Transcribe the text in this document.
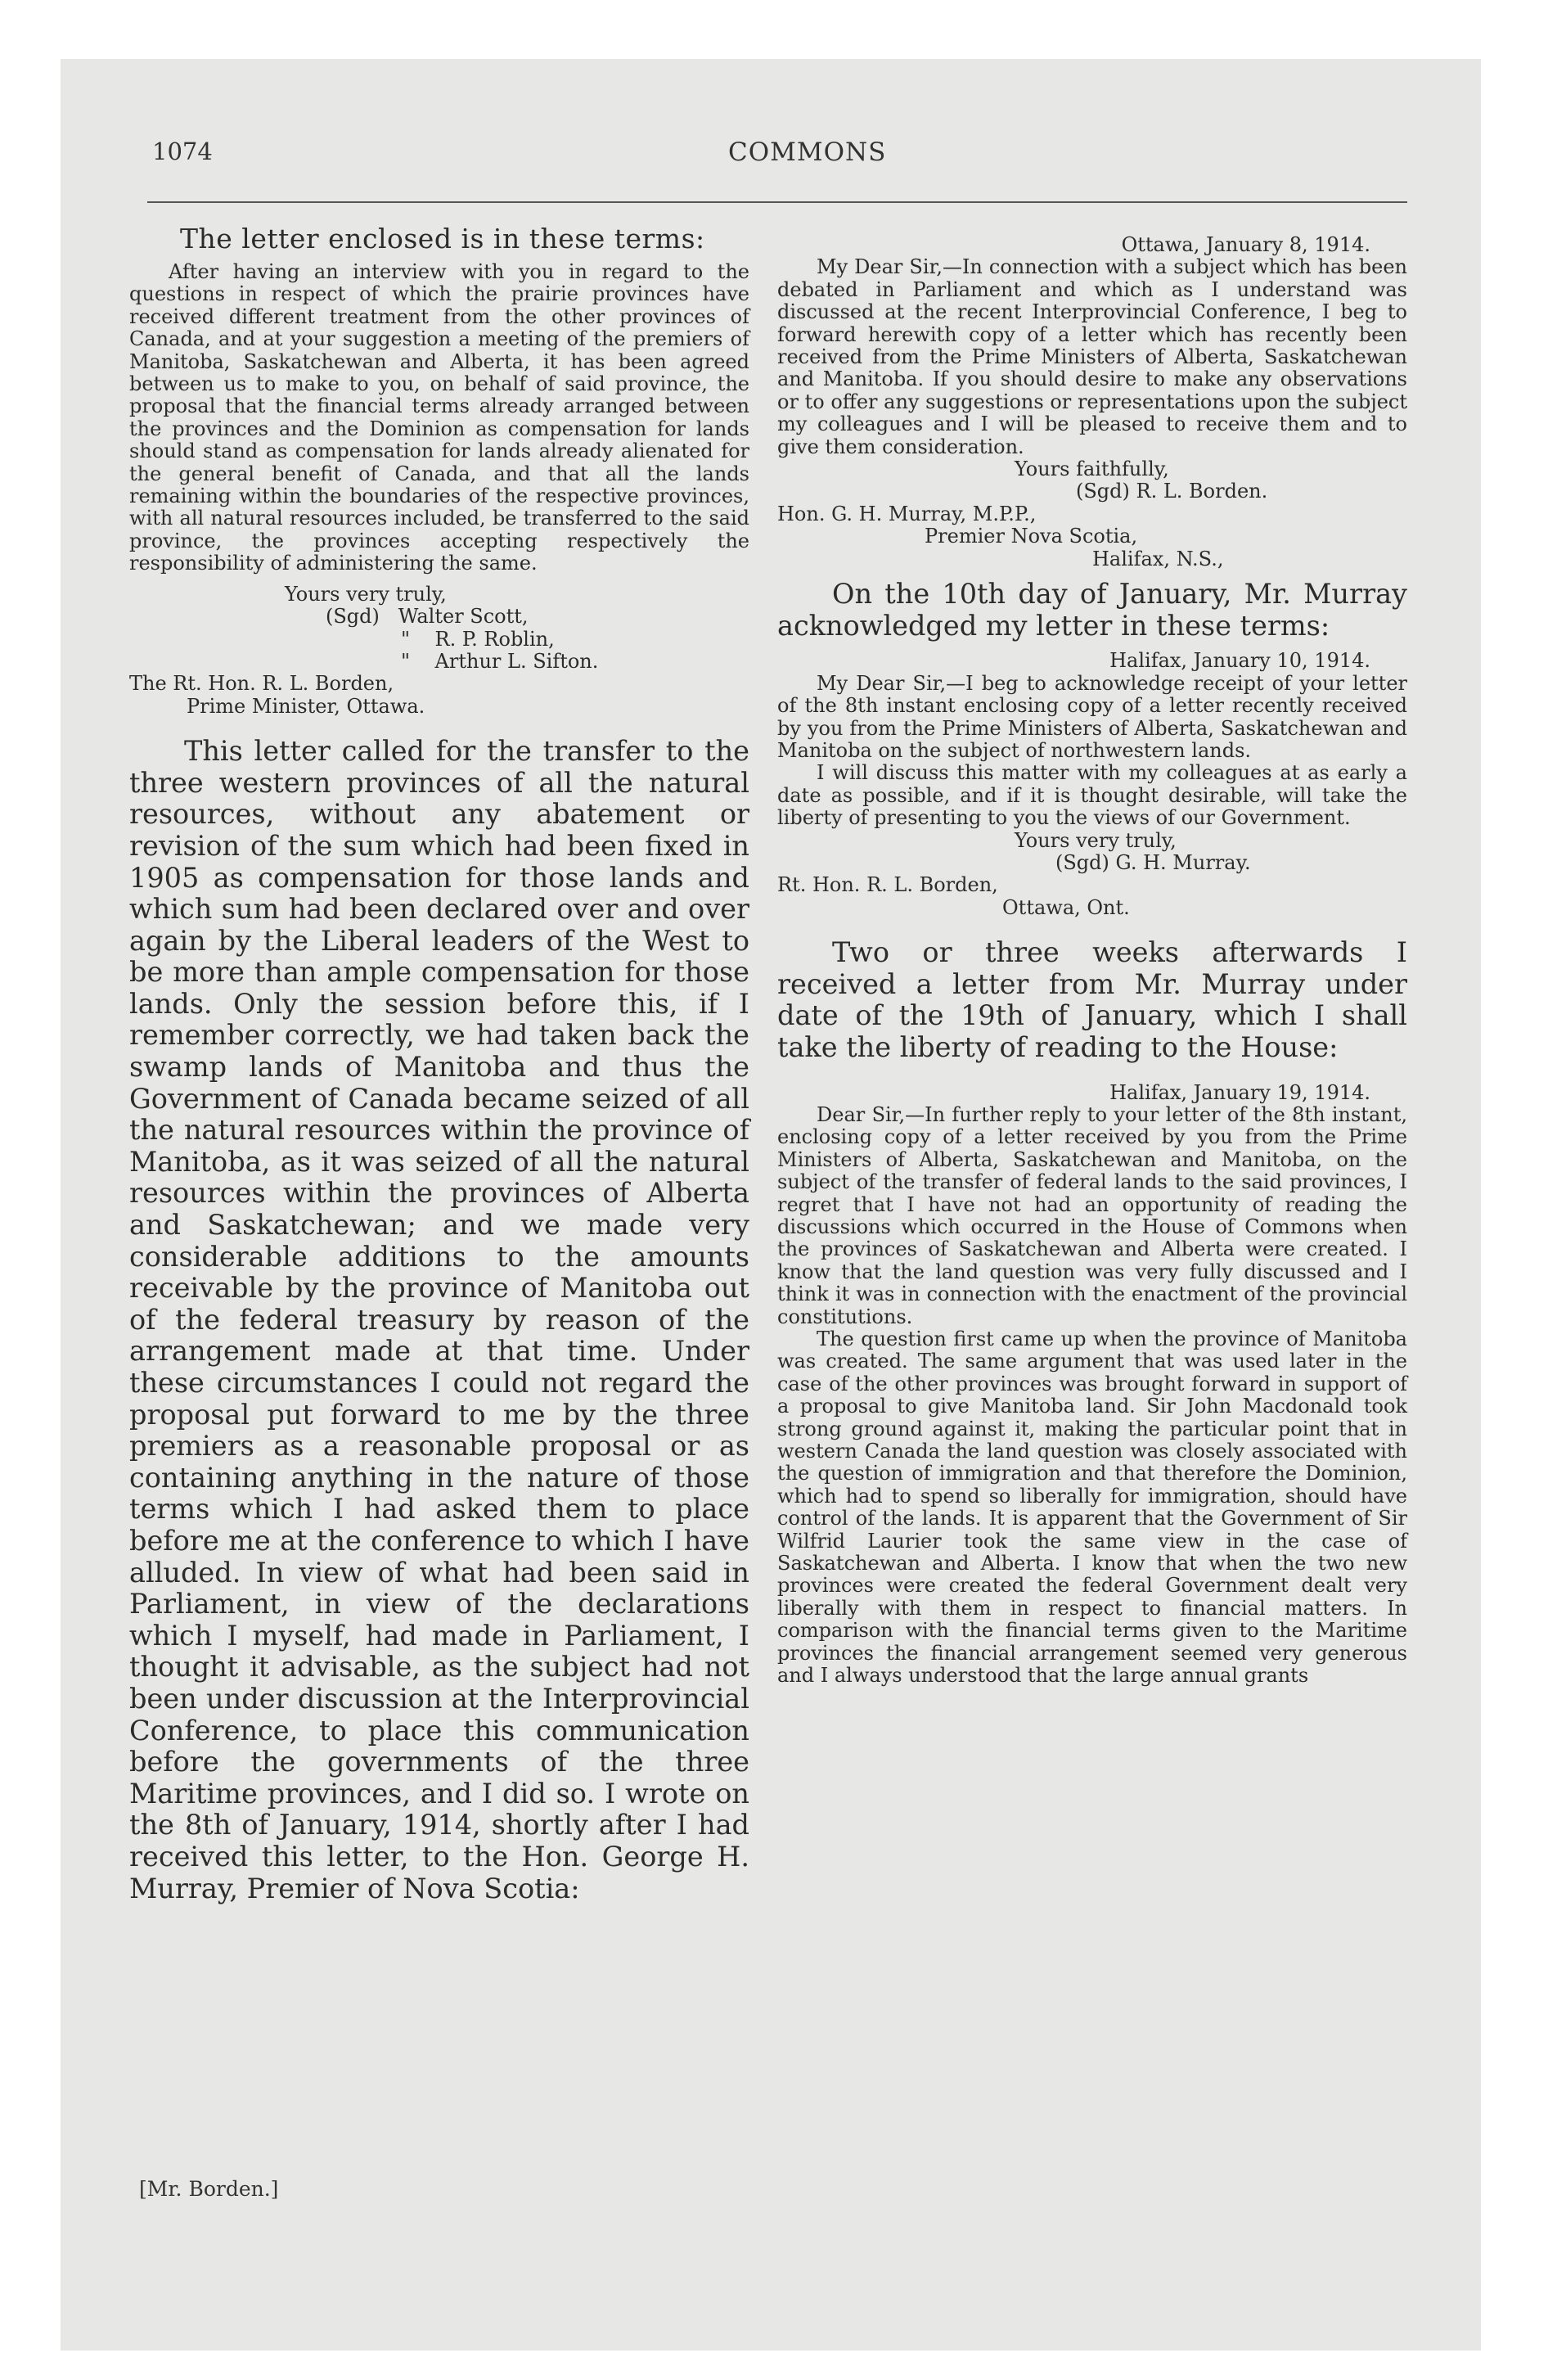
1074	COMMONS

The letter enclosed is in these terms:

After having an interview with you in regard to the questions in respect of which the prairie provinces have received different treatment from the other provinces of Canada, and at your suggestion a meeting of the premiers of Manitoba, Saskatchewan and Alberta, it has been agreed between us to make to you, on behalf of said province, the proposal that the financial terms already arranged between the provinces and the Dominion as compensation for lands should stand as compensation for lands already alienated for the general benefit of Canada, and that all the lands remaining within the boundaries of the respective provinces, with all natural resources included, be transferred to the said province, the provinces accepting respectively the responsibility of administering the same.

Yours very truly,

(Sgd)   Walter Scott,

"    R. P. Roblin,

"    Arthur L. Sifton.

The Rt. Hon. R. L. Borden,

Prime Minister, Ottawa.

This letter called for the transfer to the three western provinces of all the natural resources, without any abatement or revision of the sum which had been fixed in 1905 as compensation for those lands and which sum had been declared over and over again by the Liberal leaders of the West to be more than ample compensation for those lands. Only the session before this, if I remember correctly, we had taken back the swamp lands of Manitoba and thus the Government of Canada became seized of all the natural resources within the province of Manitoba, as it was seized of all the natural resources within the provinces of Alberta and Saskatchewan; and we made very considerable additions to the amounts receivable by the province of Manitoba out of the federal treasury by reason of the arrangement made at that time. Under these circumstances I could not regard the proposal put forward to me by the three premiers as a reasonable proposal or as containing anything in the nature of those terms which I had asked them to place before me at the conference to which I have alluded. In view of what had been said in Parliament, in view of the declarations which I myself, had made in Parliament, I thought it advisable, as the subject had not been under discussion at the Interprovincial Conference, to place this communication before the governments of the three Maritime provinces, and I did so. I wrote on the 8th of January, 1914, shortly after I had received this letter, to the Hon. George H. Murray, Premier of Nova Scotia:

[Mr. Borden.]

Ottawa, January 8, 1914.

My Dear Sir,—In connection with a subject which has been debated in Parliament and which as I understand was discussed at the recent Interprovincial Conference, I beg to forward herewith copy of a letter which has recently been received from the Prime Ministers of Alberta, Saskatchewan and Manitoba. If you should desire to make any observations or to offer any suggestions or representations upon the subject my colleagues and I will be pleased to receive them and to give them consideration.

Yours faithfully,

(Sgd) R. L. Borden.

Hon. G. H. Murray, M.P.P.,

Premier Nova Scotia,

Halifax, N.S.,

On the 10th day of January, Mr. Murray acknowledged my letter in these terms:

Halifax, January 10, 1914.

My Dear Sir,—I beg to acknowledge receipt of your letter of the 8th instant enclosing copy of a letter recently received by you from the Prime Ministers of Alberta, Saskatchewan and Manitoba on the subject of northwestern lands.

I will discuss this matter with my colleagues at as early a date as possible, and if it is thought desirable, will take the liberty of presenting to you the views of our Government.

Yours very truly,

(Sgd) G. H. Murray.

Rt. Hon. R. L. Borden,

Ottawa, Ont.

Two or three weeks afterwards I received a letter from Mr. Murray under date of the 19th of January, which I shall take the liberty of reading to the House:

Halifax, January 19, 1914.

Dear Sir,—In further reply to your letter of the 8th instant, enclosing copy of a letter received by you from the Prime Ministers of Alberta, Saskatchewan and Manitoba, on the subject of the transfer of federal lands to the said provinces, I regret that I have not had an opportunity of reading the discussions which occurred in the House of Commons when the provinces of Saskatchewan and Alberta were created. I know that the land question was very fully discussed and I think it was in connection with the enactment of the provincial constitutions.

The question first came up when the province of Manitoba was created. The same argument that was used later in the case of the other provinces was brought forward in support of a proposal to give Manitoba land. Sir John Macdonald took strong ground against it, making the particular point that in western Canada the land question was closely associated with the question of immigration and that therefore the Dominion, which had to spend so liberally for immigration, should have control of the lands. It is apparent that the Government of Sir Wilfrid Laurier took the same view in the case of Saskatchewan and Alberta. I know that when the two new provinces were created the federal Government dealt very liberally with them in respect to financial matters. In comparison with the financial terms given to the Maritime provinces the financial arrangement seemed very generous and I always understood that the large annual grants
